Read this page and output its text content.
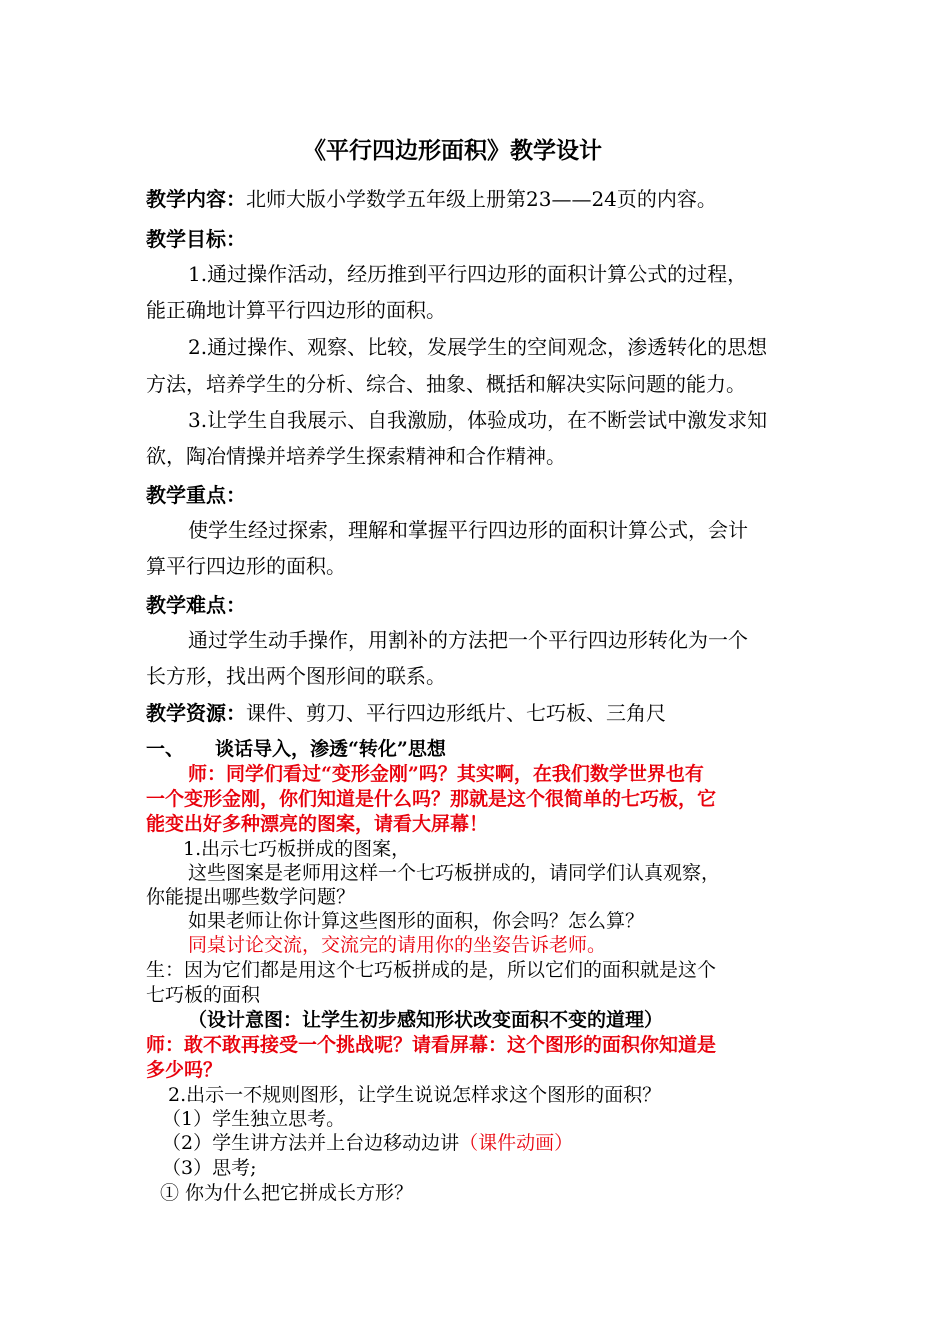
《平行四边形面积》教学设计
教学内容：北师大版小学数学五年级上册第23——24页的内容。
教学目标：
1.通过操作活动，经历推到平行四边形的面积计算公式的过程，
能正确地计算平行四边形的面积。
2.通过操作、观察、比较，发展学生的空间观念，渗透转化的思想
方法，培养学生的分析、综合、抽象、概括和解决实际问题的能力。
3.让学生自我展示、自我激励，体验成功，在不断尝试中激发求知
欲，陶冶情操并培养学生探索精神和合作精神。
教学重点：
使学生经过探索，理解和掌握平行四边形的面积计算公式，会计
算平行四边形的面积。
教学难点：
通过学生动手操作，用割补的方法把一个平行四边形转化为一个
长方形，找出两个图形间的联系。
教学资源：课件、剪刀、平行四边形纸片、七巧板、三角尺
一、 谈话导入，渗透“转化”思想
师：同学们看过“变形金刚”吗？其实啊，在我们数学世界也有
一个变形金刚，你们知道是什么吗？那就是这个很简单的七巧板，它
能变出好多种漂亮的图案，请看大屏幕！
1.出示七巧板拼成的图案，
这些图案是老师用这样一个七巧板拼成的，请同学们认真观察，
你能提出哪些数学问题？
如果老师让你计算这些图形的面积，你会吗？怎么算？
同桌讨论交流，交流完的请用你的坐姿告诉老师。
生：因为它们都是用这个七巧板拼成的是，所以它们的面积就是这个
七巧板的面积
（设计意图：让学生初步感知形状改变面积不变的道理）
师：敢不敢再接受一个挑战呢？请看屏幕：这个图形的面积你知道是
多少吗？
2.出示一不规则图形，让学生说说怎样求这个图形的面积？
（1）学生独立思考。
（2）学生讲方法并上台边移动边讲（课件动画）
（3）思考;
① 你为什么把它拼成长方形？
